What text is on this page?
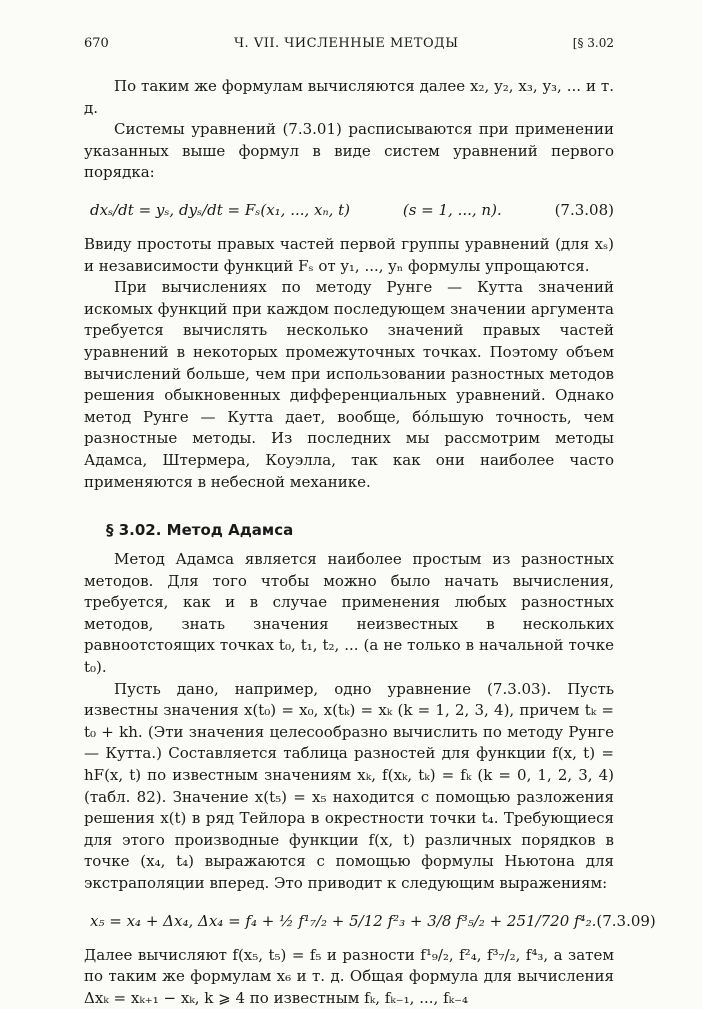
670	Ч. VII. ЧИСЛЕННЫЕ МЕТОДЫ	[§ 3.02

По таким же формулам вычисляются далее x₂, y₂, x₃, y₃, ... и т. д.

Системы уравнений (7.3.01) расписываются при применении указанных выше формул в виде систем уравнений первого порядка:

dxₛ/dt = yₛ, dyₛ/dt = Fₛ(x₁, ..., xₙ, t)	(s = 1, ..., n).	(7.3.08)

Ввиду простоты правых частей первой группы уравнений (для xₛ) и независимости функций Fₛ от y₁, ..., yₙ формулы упрощаются.

При вычислениях по методу Рунге — Кутта значений искомых функций при каждом последующем значении аргумента требуется вычислять несколько значений правых частей уравнений в некоторых промежуточных точках. Поэтому объем вычислений больше, чем при использовании разностных методов решения обыкновенных дифференциальных уравнений. Однако метод Рунге — Кутта дает, вообще, бо́льшую точность, чем разностные методы. Из последних мы рассмотрим методы Адамса, Штермера, Коуэлла, так как они наиболее часто применяются в небесной механике.

§ 3.02. Метод Адамса

Метод Адамса является наиболее простым из разностных методов. Для того чтобы можно было начать вычисления, требуется, как и в случае применения любых разностных методов, знать значения неизвестных в нескольких равноотстоящих точках t₀, t₁, t₂, ... (а не только в начальной точке t₀).

Пусть дано, например, одно уравнение (7.3.03). Пусть известны значения x(t₀) = x₀, x(tₖ) = xₖ (k = 1, 2, 3, 4), причем tₖ = t₀ + kh. (Эти значения целесообразно вычислить по методу Рунге — Кутта.) Составляется таблица разностей для функции f(x, t) = hF(x, t) по известным значениям xₖ, f(xₖ, tₖ) = fₖ (k = 0, 1, 2, 3, 4) (табл. 82). Значение x(t₅) = x₅ находится с помощью разложения решения x(t) в ряд Тейлора в окрестности точки t₄. Требующиеся для этого производные функции f(x, t) различных порядков в точке (x₄, t₄) выражаются с помощью формулы Ньютона для экстраполяции вперед. Это приводит к следующим выражениям:

x₅ = x₄ + Δx₄, Δx₄ = f₄ + ½ f¹₇/₂ + 5/12 f²₃ + 3/8 f³₅/₂ + 251/720 f⁴₂. (7.3.09)

Далее вычисляют f(x₅, t₅) = f₅ и разности f¹₉/₂, f²₄, f³₇/₂, f⁴₃, а затем по таким же формулам x₆ и т. д. Общая формула для вычисления Δxₖ = xₖ₊₁ − xₖ, k ⩾ 4 по известным fₖ, fₖ₋₁, ..., fₖ₋₄
